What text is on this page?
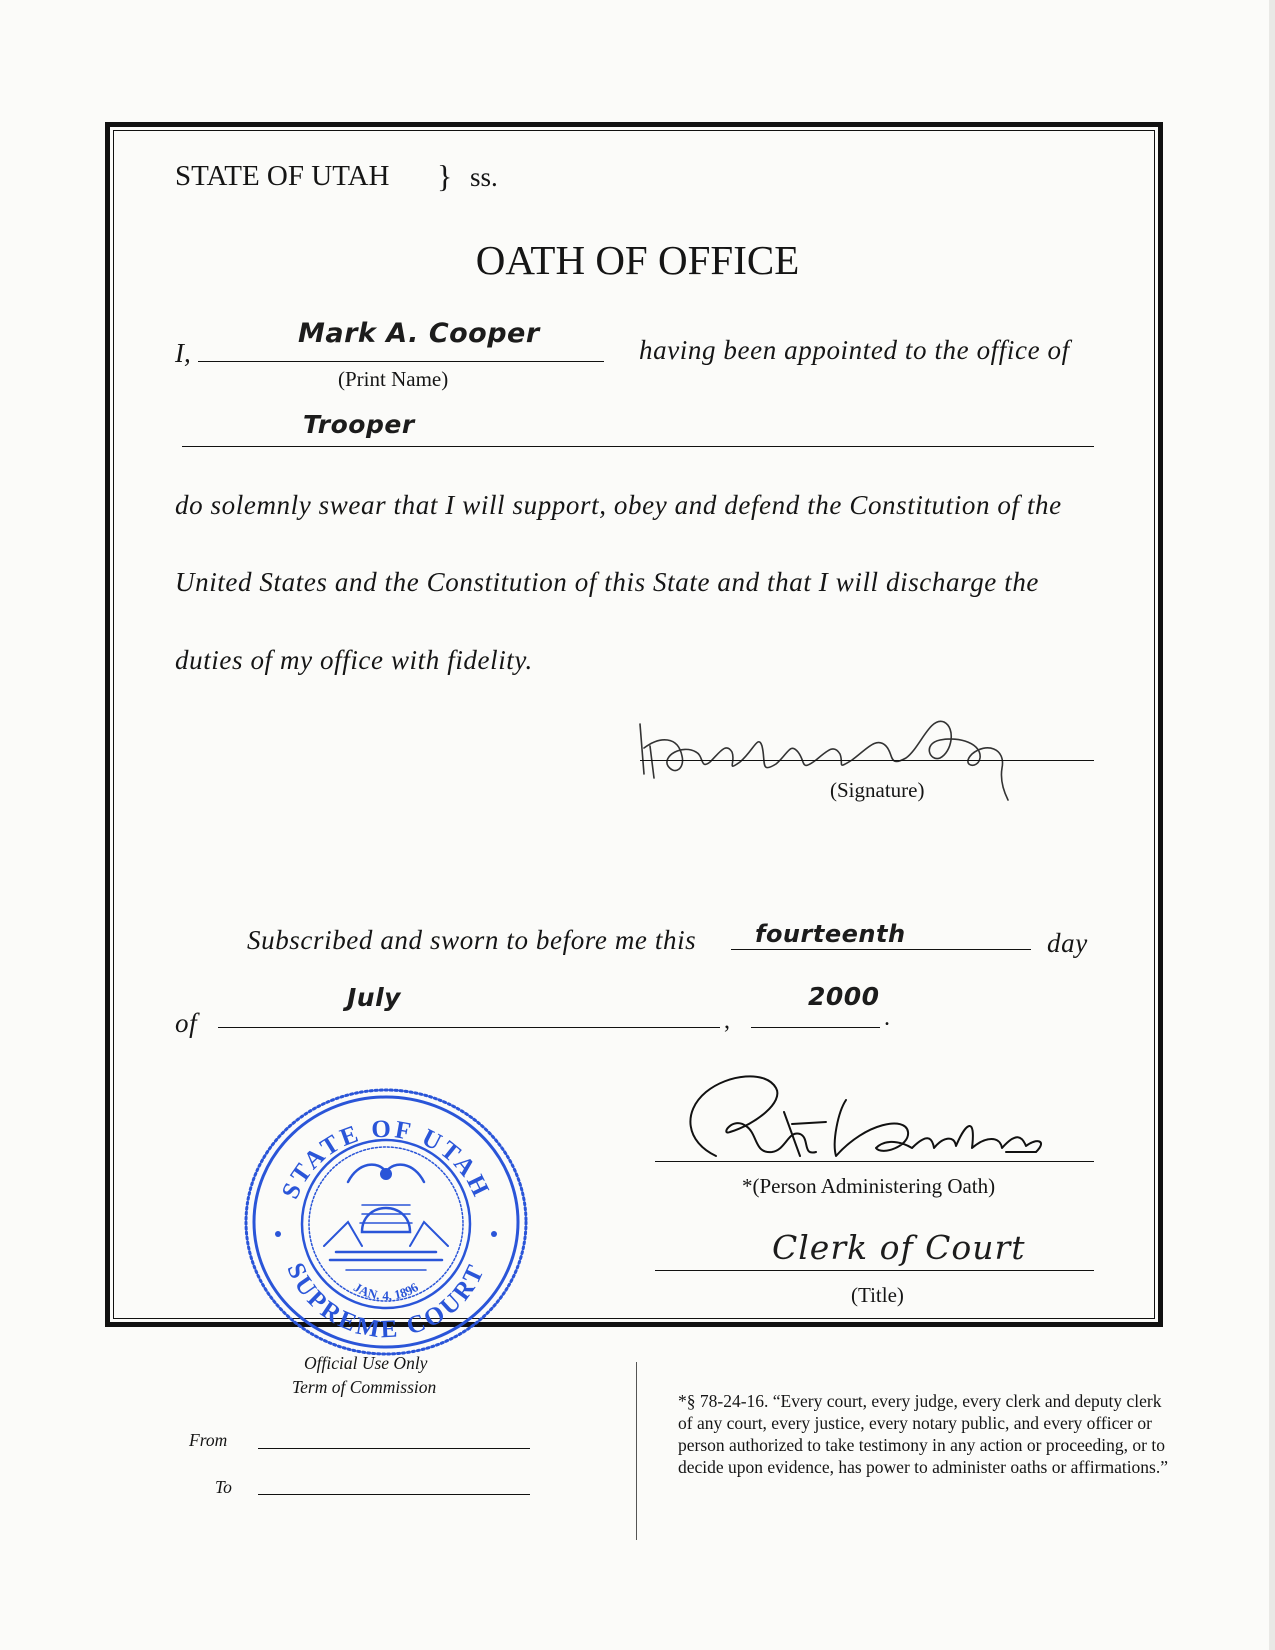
STATE OF UTAH } ss.
OATH OF OFFICE
I,
Mark A. Cooper
(Print Name)
having been appointed to the office of
Trooper
do solemnly swear that I will support, obey and defend the Constitution of the
United States and the Constitution of this State and that I will discharge the
duties of my office with fidelity.
(Signature)
Subscribed and sworn to before me this fourteenth	day
of
July
,
2000
.
*(Person Administering Oath)
Clerk of Court
(Title)
STATE OF UTAH
SUPREME COURT
JAN. 4, 1896
Official Use Only
Term of Commission
From
To
*§ 78-24-16. “Every court, every judge, every clerk and deputy clerk of any court, every justice, every notary public, and every officer or person authorized to take testimony in any action or proceeding, or to decide upon evidence, has power to administer oaths or affirmations.”
